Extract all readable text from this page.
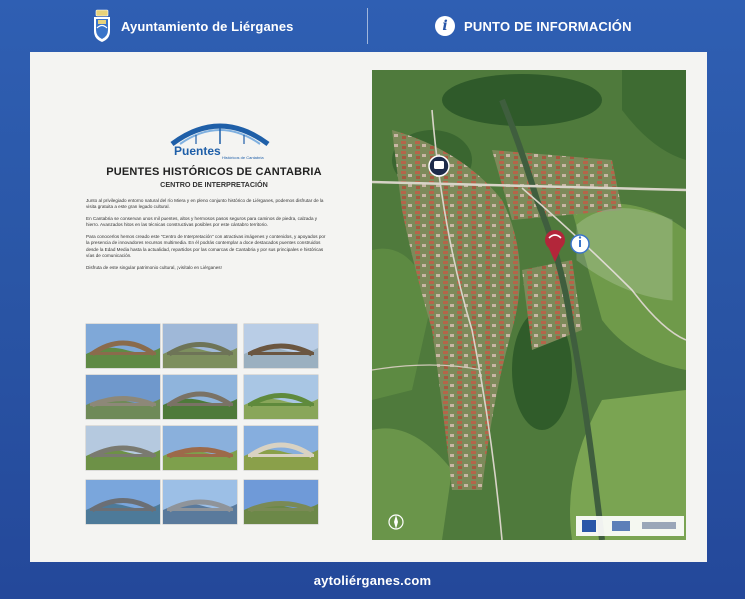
Ayuntamiento de Liérganes	i	PUNTO DE INFORMACIÓN
Puentes Históricos de Cantabria
PUENTES HISTÓRICOS DE CANTABRIA
CENTRO DE INTERPRETACIÓN

Junto al privilegiado entorno natural del río Miera y en pleno conjunto histórico de Liérganes, podemos disfrutar de la visita gratuita a este gran legado cultural.

En Cantabria se conservan unos mil puentes, altos y hermosos pasos seguros para caminos de piedra, calzada y hierro. Avanzados hitos en las técnicas constructivas posibles por este cántabro territorio.

Para conocerlos hemos creado este "Centro de Interpretación" con atractivas imágenes y contenidos, y apoyados por la presencia de innovadores recursos multimedia. En él podrás contemplar a doce destacados puentes construidos desde la Edad Media hasta la actualidad, repartidos por las comarcas de Cantabria y por sus principales e históricas vías de comunicación.

Disfruta de este singular patrimonio cultural, ¡visítalo en Liérganes!

aytoliérganes.com
